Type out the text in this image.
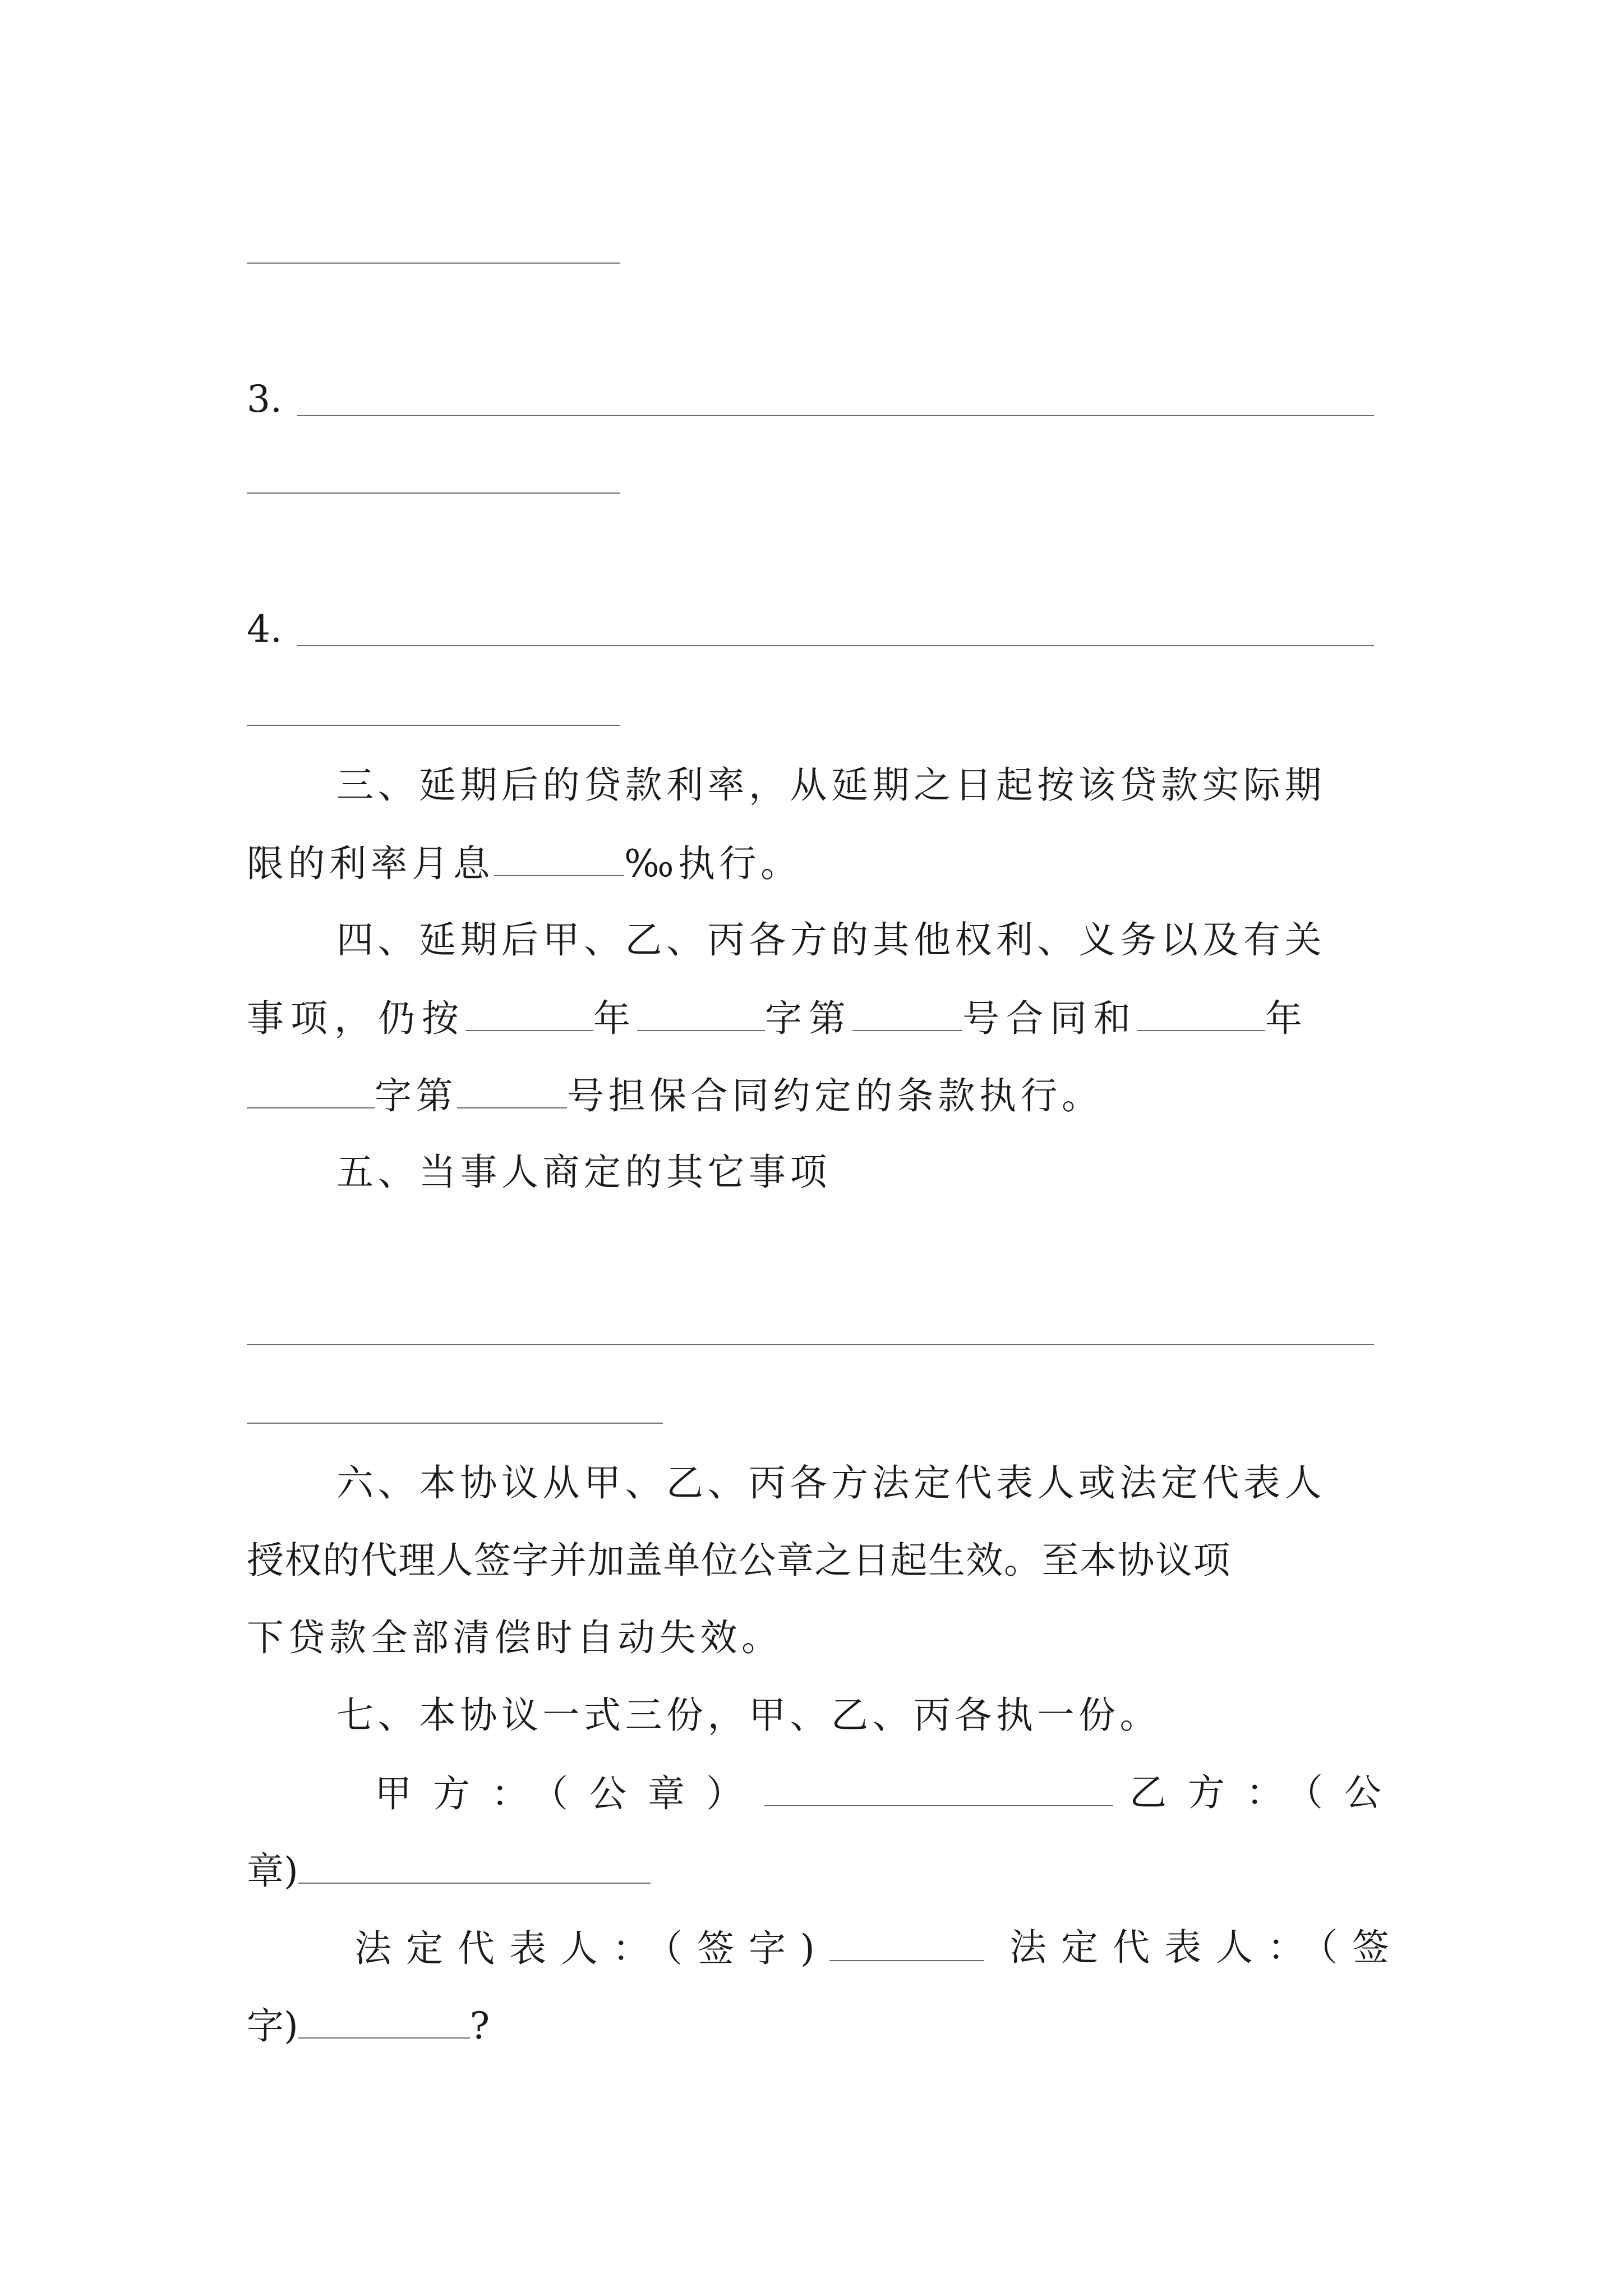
3.
4.
三、延期后的贷款利率，从延期之日起按该贷款实际期
限的利率月息	‰执行。
四、延期后甲、乙、丙各方的其他权利、义务以及有关
事项，仍按	年	字第	号合同和	年
字第	号担保合同约定的条款执行。
五、当事人商定的其它事项
六、本协议从甲、乙、丙各方法定代表人或法定代表人
授权的代理人签字并加盖单位公章之日起生效。至本协议项
下贷款全部清偿时自动失效。
七、本协议一式三份，甲、乙、丙各执一份。
甲方：（公章）	乙方：（公
章)
法定代表人：（签字)	法定代表人：（签
字)	?
